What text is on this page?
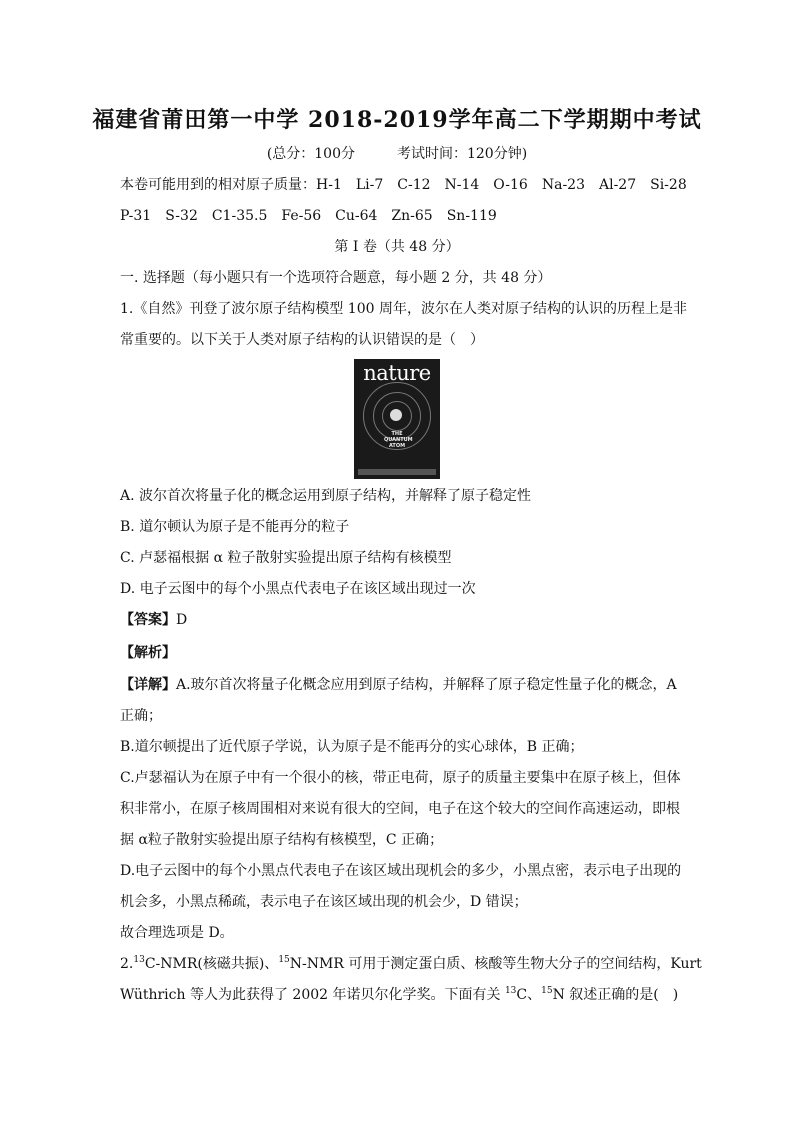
福建省莆田第一中学 2018-2019学年高二下学期期中考试
(总分：100分　　　考试时间：120分钟)
本卷可能用到的相对原子质量：H-1　Li-7　C-12　N-14　O-16　Na-23　Al-27　Si-28
P-31　S-32　C1-35.5　Fe-56　Cu-64　Zn-65　Sn-119
第 I 卷（共 48 分）
一. 选择题（每小题只有一个选项符合题意，每小题 2 分，共 48 分）
1.《自然》刊登了波尔原子结构模型 100 周年，波尔在人类对原子结构的认识的历程上是非
常重要的。以下关于人类对原子结构的认识错误的是（　）
nature
THE QUANTUM ATOM
A. 波尔首次将量子化的概念运用到原子结构，并解释了原子稳定性
B. 道尔顿认为原子是不能再分的粒子
C. 卢瑟福根据 α 粒子散射实验提出原子结构有核模型
D. 电子云图中的每个小黑点代表电子在该区域出现过一次
【答案】D
【解析】
【详解】A.玻尔首次将量子化概念应用到原子结构，并解释了原子稳定性量子化的概念，A
正确；
B.道尔顿提出了近代原子学说，认为原子是不能再分的实心球体，B 正确；
C.卢瑟福认为在原子中有一个很小的核，带正电荷，原子的质量主要集中在原子核上，但体
积非常小，在原子核周围相对来说有很大的空间，电子在这个较大的空间作高速运动，即根
据 α粒子散射实验提出原子结构有核模型，C 正确；
D.电子云图中的每个小黑点代表电子在该区域出现机会的多少，小黑点密，表示电子出现的
机会多，小黑点稀疏，表示电子在该区域出现的机会少，D 错误；
故合理选项是 D。
2.13C-NMR(核磁共振)、$^{15}$N-NMR 可用于测定蛋白质、核酸等生物大分子的空间结构，Kurt
Wüthrich 等人为此获得了 2002 年诺贝尔化学奖。下面有关 $^{13}$C、$^{15}$N 叙述正确的是(　)
